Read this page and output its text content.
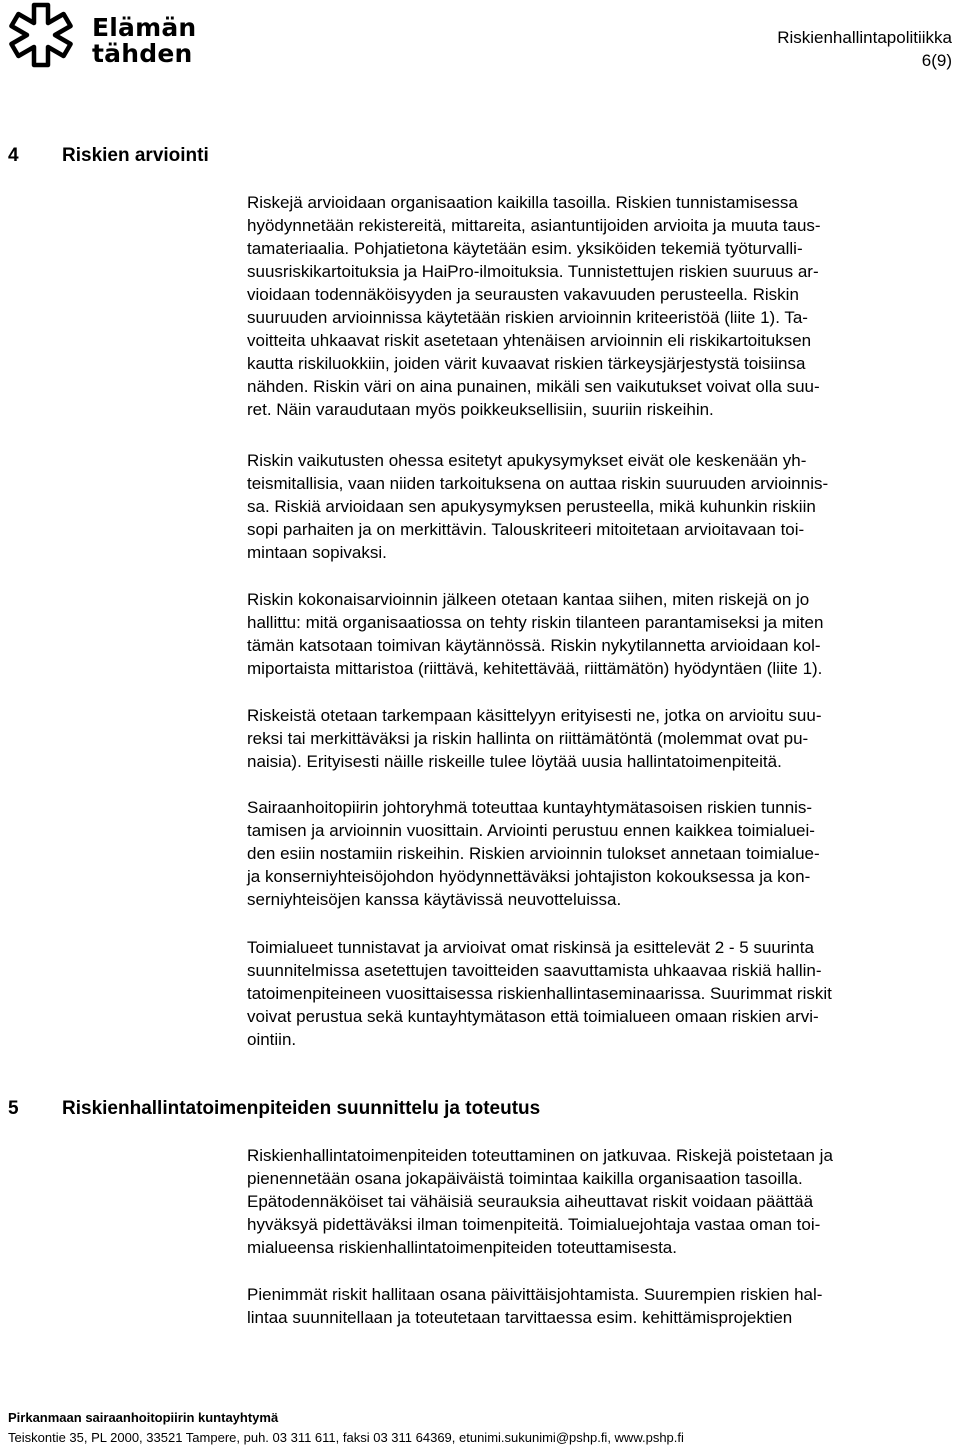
Elämän
tähden
Riskienhallintapolitiikka
6(9)
4 Riskien arviointi
Riskejä arvioidaan organisaation kaikilla tasoilla. Riskien tunnistamisessa
hyödynnetään rekistereitä, mittareita, asiantuntijoiden arvioita ja muuta taus-
tamateriaalia. Pohjatietona käytetään esim. yksiköiden tekemiä työturvalli-
suusriskikartoituksia ja HaiPro-ilmoituksia. Tunnistettujen riskien suuruus ar-
vioidaan todennäköisyyden ja seurausten vakavuuden perusteella. Riskin
suuruuden arvioinnissa käytetään riskien arvioinnin kriteeristöä (liite 1). Ta-
voitteita uhkaavat riskit asetetaan yhtenäisen arvioinnin eli riskikartoituksen
kautta riskiluokkiin, joiden värit kuvaavat riskien tärkeysjärjestystä toisiinsa
nähden. Riskin väri on aina punainen, mikäli sen vaikutukset voivat olla suu-
ret. Näin varaudutaan myös poikkeuksellisiin, suuriin riskeihin.
Riskin vaikutusten ohessa esitetyt apukysymykset eivät ole keskenään yh-
teismitallisia, vaan niiden tarkoituksena on auttaa riskin suuruuden arvioinnis-
sa. Riskiä arvioidaan sen apukysymyksen perusteella, mikä kuhunkin riskiin
sopi parhaiten ja on merkittävin. Talouskriteeri mitoitetaan arvioitavaan toi-
mintaan sopivaksi.
Riskin kokonaisarvioinnin jälkeen otetaan kantaa siihen, miten riskejä on jo
hallittu: mitä organisaatiossa on tehty riskin tilanteen parantamiseksi ja miten
tämän katsotaan toimivan käytännössä. Riskin nykytilannetta arvioidaan kol-
miportaista mittaristoa (riittävä, kehitettävää, riittämätön) hyödyntäen (liite 1).
Riskeistä otetaan tarkempaan käsittelyyn erityisesti ne, jotka on arvioitu suu-
reksi tai merkittäväksi ja riskin hallinta on riittämätöntä (molemmat ovat pu-
naisia). Erityisesti näille riskeille tulee löytää uusia hallintatoimenpiteitä.
Sairaanhoitopiirin johtoryhmä toteuttaa kuntayhtymätasoisen riskien tunnis-
tamisen ja arvioinnin vuosittain. Arviointi perustuu ennen kaikkea toimialuei-
den esiin nostamiin riskeihin. Riskien arvioinnin tulokset annetaan toimialue-
ja konserniyhteisöjohdon hyödynnettäväksi johtajiston kokouksessa ja kon-
serniyhteisöjen kanssa käytävissä neuvotteluissa.
Toimialueet tunnistavat ja arvioivat omat riskinsä ja esittelevät 2 - 5 suurinta
suunnitelmissa asetettujen tavoitteiden saavuttamista uhkaavaa riskiä hallin-
tatoimenpiteineen vuosittaisessa riskienhallintaseminaarissa. Suurimmat riskit
voivat perustua sekä kuntayhtymätason että toimialueen omaan riskien arvi-
ointiin.
5 Riskienhallintatoimenpiteiden suunnittelu ja toteutus
Riskienhallintatoimenpiteiden toteuttaminen on jatkuvaa. Riskejä poistetaan ja
pienennetään osana jokapäiväistä toimintaa kaikilla organisaation tasoilla.
Epätodennäköiset tai vähäisiä seurauksia aiheuttavat riskit voidaan päättää
hyväksyä pidettäväksi ilman toimenpiteitä. Toimialuejohtaja vastaa oman toi-
mialueensa riskienhallintatoimenpiteiden toteuttamisesta.
Pienimmät riskit hallitaan osana päivittäisjohtamista. Suurempien riskien hal-
lintaa suunnitellaan ja toteutetaan tarvittaessa esim. kehittämisprojektien
Pirkanmaan sairaanhoitopiirin kuntayhtymä
Teiskontie 35, PL 2000, 33521 Tampere, puh. 03 311 611, faksi 03 311 64369, etunimi.sukunimi@pshp.fi, www.pshp.fi
